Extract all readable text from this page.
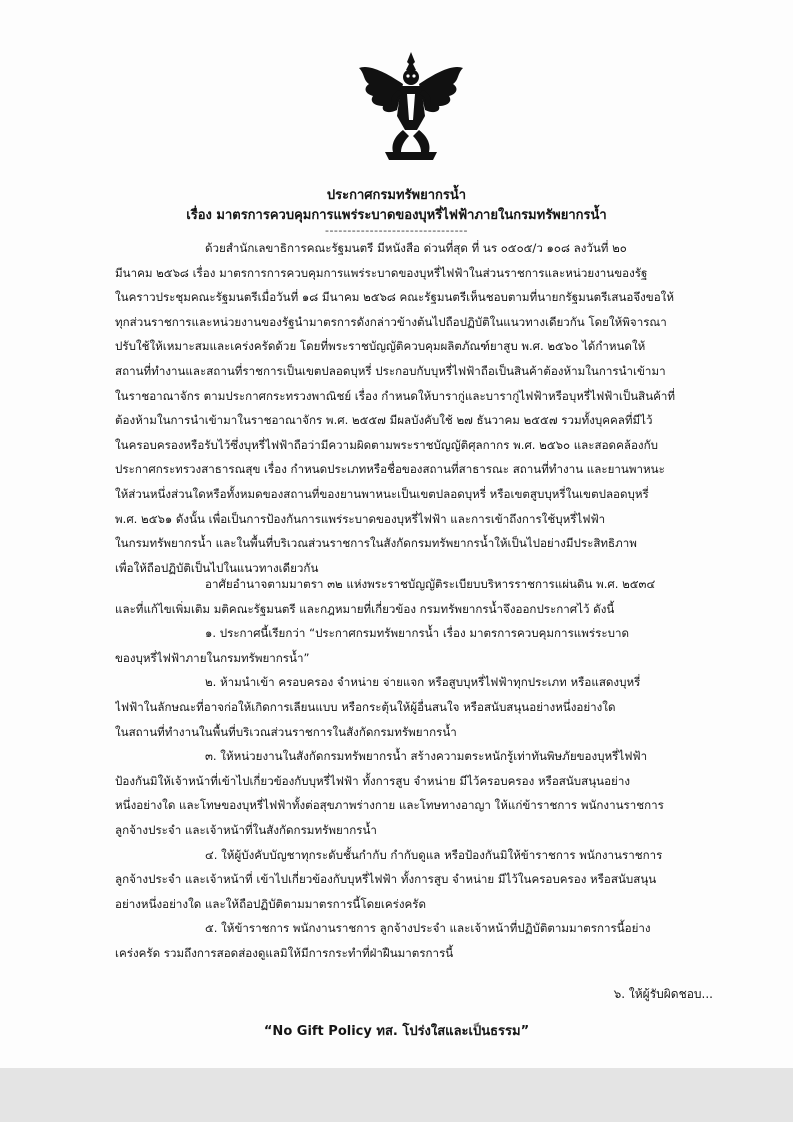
ประกาศกรมทรัพยากรน้ำ
เรื่อง มาตรการควบคุมการแพร่ระบาดของบุหรี่ไฟฟ้าภายในกรมทรัพยากรน้ำ
--------------------------------
ด้วยสำนักเลขาธิการคณะรัฐมนตรี มีหนังสือ ด่วนที่สุด ที่ นร ๐๕๐๕/ว ๑๐๘ ลงวันที่ ๒๐
มีนาคม ๒๕๖๘ เรื่อง มาตรการการควบคุมการแพร่ระบาดของบุหรี่ไฟฟ้าในส่วนราชการและหน่วยงานของรัฐ
ในคราวประชุมคณะรัฐมนตรีเมื่อวันที่ ๑๘ มีนาคม ๒๕๖๘ คณะรัฐมนตรีเห็นชอบตามที่นายกรัฐมนตรีเสนอจึงขอให้
ทุกส่วนราชการและหน่วยงานของรัฐนำมาตรการดังกล่าวข้างต้นไปถือปฏิบัติในแนวทางเดียวกัน โดยให้พิจารณา
ปรับใช้ให้เหมาะสมและเคร่งครัดด้วย โดยที่พระราชบัญญัติควบคุมผลิตภัณฑ์ยาสูบ พ.ศ. ๒๕๖๐ ได้กำหนดให้
สถานที่ทำงานและสถานที่ราชการเป็นเขตปลอดบุหรี่ ประกอบกับบุหรี่ไฟฟ้าถือเป็นสินค้าต้องห้ามในการนำเข้ามา
ในราชอาณาจักร ตามประกาศกระทรวงพาณิชย์ เรื่อง กำหนดให้บารากู่และบารากู่ไฟฟ้าหรือบุหรี่ไฟฟ้าเป็นสินค้าที่
ต้องห้ามในการนำเข้ามาในราชอาณาจักร พ.ศ. ๒๕๕๗ มีผลบังคับใช้ ๒๗ ธันวาคม ๒๕๕๗ รวมทั้งบุคคลที่มีไว้
ในครอบครองหรือรับไว้ซึ่งบุหรี่ไฟฟ้าถือว่ามีความผิดตามพระราชบัญญัติศุลกากร พ.ศ. ๒๕๖๐ และสอดคล้องกับ
ประกาศกระทรวงสาธารณสุข เรื่อง กำหนดประเภทหรือชื่อของสถานที่สาธารณะ สถานที่ทำงาน และยานพาหนะ
ให้ส่วนหนึ่งส่วนใดหรือทั้งหมดของสถานที่ของยานพาหนะเป็นเขตปลอดบุหรี่ หรือเขตสูบบุหรี่ในเขตปลอดบุหรี่
พ.ศ. ๒๕๖๑ ดังนั้น เพื่อเป็นการป้องกันการแพร่ระบาดของบุหรี่ไฟฟ้า และการเข้าถึงการใช้บุหรี่ไฟฟ้า
ในกรมทรัพยากรน้ำ และในพื้นที่บริเวณส่วนราชการในสังกัดกรมทรัพยากรน้ำให้เป็นไปอย่างมีประสิทธิภาพ
เพื่อให้ถือปฏิบัติเป็นไปในแนวทางเดียวกัน
อาศัยอำนาจตามมาตรา ๓๒ แห่งพระราชบัญญัติระเบียบบริหารราชการแผ่นดิน พ.ศ. ๒๕๓๔
และที่แก้ไขเพิ่มเติม มติคณะรัฐมนตรี และกฎหมายที่เกี่ยวข้อง กรมทรัพยากรน้ำจึงออกประกาศไว้ ดังนี้
๑. ประกาศนี้เรียกว่า “ประกาศกรมทรัพยากรน้ำ เรื่อง มาตรการควบคุมการแพร่ระบาด
ของบุหรี่ไฟฟ้าภายในกรมทรัพยากรน้ำ”
๒. ห้ามนำเข้า ครอบครอง จำหน่าย จ่ายแจก หรือสูบบุหรี่ไฟฟ้าทุกประเภท หรือแสดงบุหรี่
ไฟฟ้าในลักษณะที่อาจก่อให้เกิดการเลียนแบบ หรือกระตุ้นให้ผู้อื่นสนใจ หรือสนับสนุนอย่างหนึ่งอย่างใด
ในสถานที่ทำงานในพื้นที่บริเวณส่วนราชการในสังกัดกรมทรัพยากรน้ำ
๓. ให้หน่วยงานในสังกัดกรมทรัพยากรน้ำ สร้างความตระหนักรู้เท่าทันพิษภัยของบุหรี่ไฟฟ้า
ป้องกันมิให้เจ้าหน้าที่เข้าไปเกี่ยวข้องกับบุหรี่ไฟฟ้า ทั้งการสูบ จำหน่าย มีไว้ครอบครอง หรือสนับสนุนอย่าง
หนึ่งอย่างใด และโทษของบุหรี่ไฟฟ้าทั้งต่อสุขภาพร่างกาย และโทษทางอาญา ให้แก่ข้าราชการ พนักงานราชการ
ลูกจ้างประจำ และเจ้าหน้าที่ในสังกัดกรมทรัพยากรน้ำ
๔. ให้ผู้บังคับบัญชาทุกระดับชั้นกำกับ กำกับดูแล หรือป้องกันมิให้ข้าราชการ พนักงานราชการ
ลูกจ้างประจำ และเจ้าหน้าที่ เข้าไปเกี่ยวข้องกับบุหรี่ไฟฟ้า ทั้งการสูบ จำหน่าย มีไว้ในครอบครอง หรือสนับสนุน
อย่างหนึ่งอย่างใด และให้ถือปฏิบัติตามมาตรการนี้โดยเคร่งครัด
๕. ให้ข้าราชการ พนักงานราชการ ลูกจ้างประจำ และเจ้าหน้าที่ปฏิบัติตามมาตรการนี้อย่าง
เคร่งครัด รวมถึงการสอดส่องดูแลมิให้มีการกระทำที่ฝ่าฝืนมาตรการนี้
๖. ให้ผู้รับผิดชอบ...
“No Gift Policy ทส. โปร่งใสและเป็นธรรม”
